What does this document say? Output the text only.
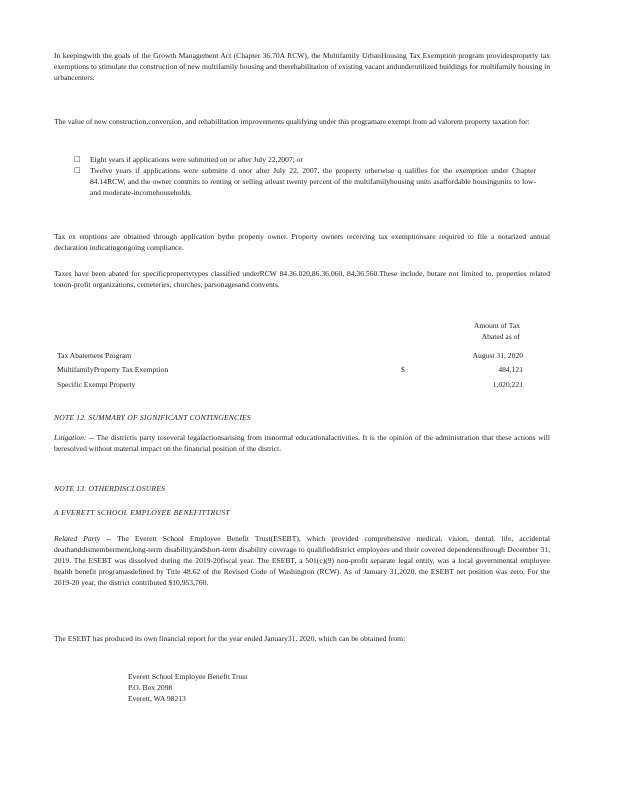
In keepingwith the goals of the Growth Management Act (Chapter 36.70A RCW), the Multifamily UrbanHousing Tax Exemption program providesproperty tax exemptions to stimulate the construction of new multifamily housing and therehabilitation of existing vacant andunderutilized buildings for multifamily housing in urbancenters.

The value of new construction,conversion, and rehabilitation improvements qualifying under this programare exempt from ad valorem property taxation for:

□ Eight years if applications were submitted on or after July 22,2007; or
□ Twelve years if applications were submitte d onor after July 22, 2007, the property otherwise q ualifies for the exemption under Chapter 84.14RCW, and the owner commits to renting or selling atleast twenty percent of the multifamilyhousing units asaffordable housingunits to low- and moderate-incomehouseholds.

Tax ex emptions are obtained through application bythe property owner. Property owners receiving tax exemptionsare required to file a notarized annual declaration indicatingongoing compliance.

Taxes have been abated for specificpropertytypes classified underRCW 84.36.020,86.36.060, 84.36.560.These include, butare not limited to, properties related tonon-profit organizations, cemeteries, churches, parsonagesand convents.

Amount of Tax
Abated as of
Tax Abatement Program	August 31, 2020
MultifamilyProperty Tax Exemption	$	484,121
Specific Exempt Property	1,020,221
NOTE 12. SUMMARY OF SIGNIFICANT CONTINGENCIES

Litigation: -- The districtis party toseveral legalactionsarising from itsnormal educationalactivities. It is the opinion of the administration that these actions will beresolved without material impact on the financial position of the district.

NOTE 13. OTHERDISCLOSURES
A EVERETT SCHOOL EMPLOYEE BENEFITTRUST

Related Party -- The Everett School Employee Benefit Trust(ESEBT), which provided comprehensive medical, vision, dental, life, accidental deathanddismemberment,long-term disability,andshort-term disability coverage to qualifieddistrict employees and their covered dependentsthrough December 31, 2019. The ESEBT was dissolved during the 2019-20fiscal year. The ESEBT, a 501(c)(9) non-profit separate legal entity, was a local governmental employee health benefit programasdefined by Title 48.62 of the Revised Code of Washington (RCW). As of January 31,2020, the ESEBT net position was zero. For the 2019-20 year, the district contributed $10,953,760.

The ESEBT has produced its own financial report for the year ended January31, 2020, which can be obtained from:

Everett School Employee Benefit Trust
P.O. Box 2098
Everett, WA 98213
